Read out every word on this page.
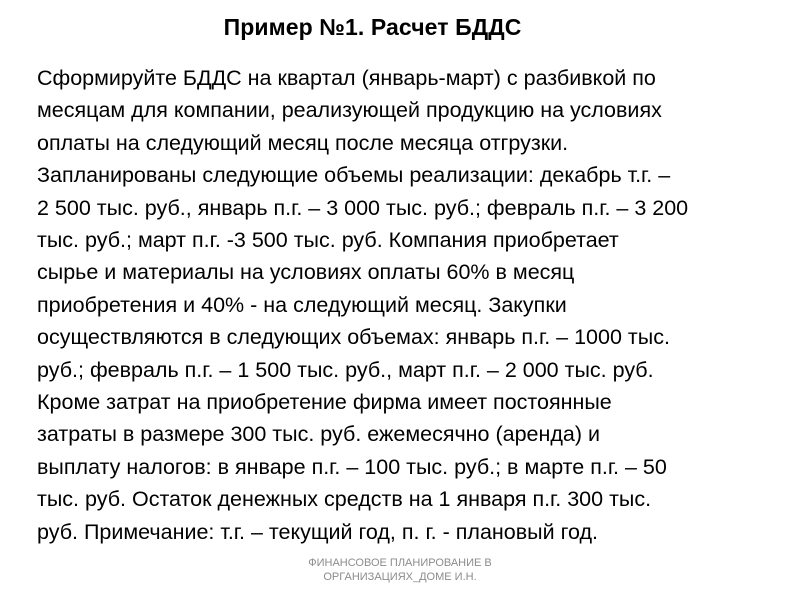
Пример №1. Расчет БДДС
Сформируйте БДДС на квартал (январь-март) с разбивкой по
месяцам для компании, реализующей продукцию на условиях
оплаты на следующий месяц после месяца отгрузки.
Запланированы следующие объемы реализации: декабрь т.г. –
2 500 тыс. руб., январь п.г. – 3 000 тыс. руб.; февраль п.г. – 3 200
тыс. руб.; март п.г. -3 500 тыс. руб. Компания приобретает
сырье и материалы на условиях оплаты 60% в месяц
приобретения и 40% - на следующий месяц. Закупки
осуществляются в следующих объемах: январь п.г. – 1000 тыс.
руб.; февраль п.г. – 1 500 тыс. руб., март п.г. – 2 000 тыс. руб.
Кроме затрат на приобретение фирма имеет постоянные
затраты в размере 300 тыс. руб. ежемесячно (аренда) и
выплату налогов: в январе п.г. – 100 тыс. руб.; в марте п.г. – 50
тыс. руб. Остаток денежных средств на 1 января п.г. 300 тыс.
руб. Примечание: т.г. – текущий год, п. г. - плановый год.
ФИНАНСОВОЕ ПЛАНИРОВАНИЕ В
ОРГАНИЗАЦИЯХ_ДОМЕ И.Н.
